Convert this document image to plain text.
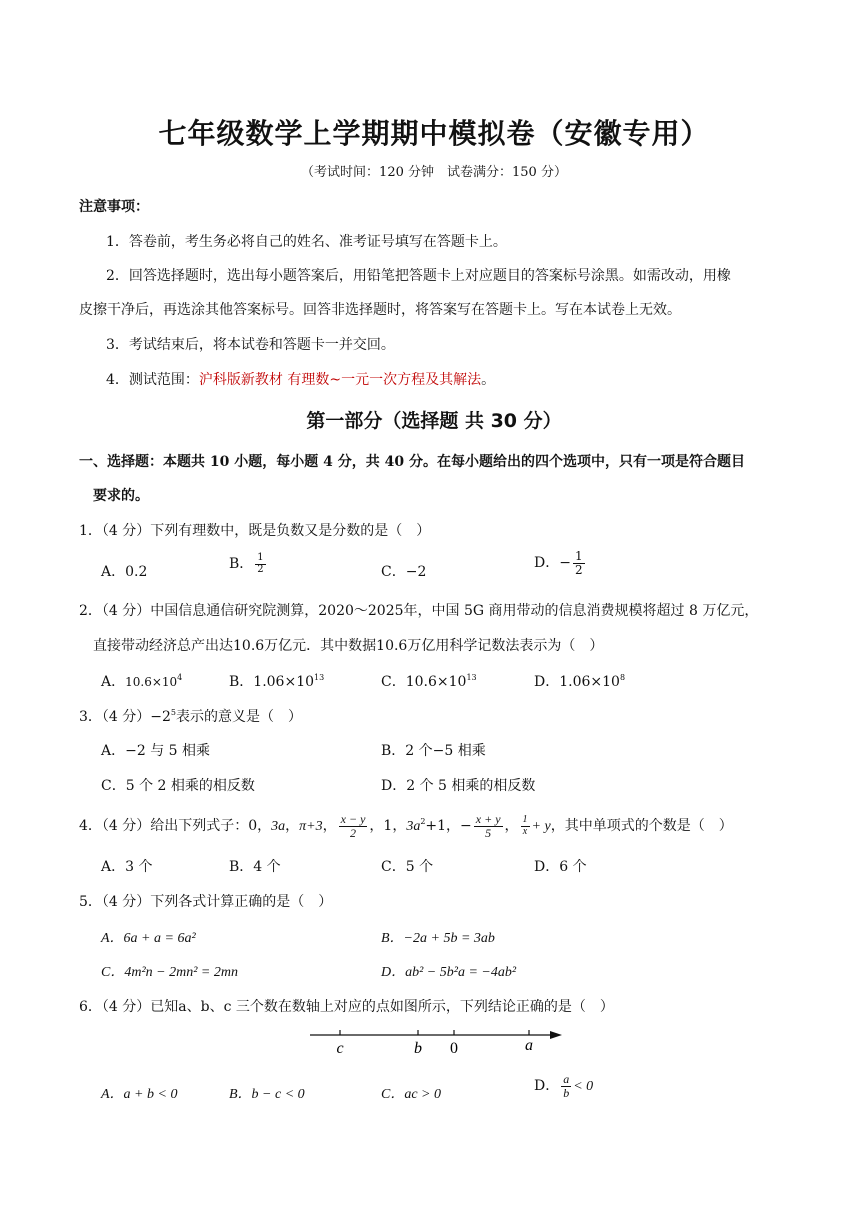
七年级数学上学期期中模拟卷（安徽专用）
（考试时间：120 分钟　试卷满分：150 分）
注意事项：
1．答卷前，考生务必将自己的姓名、准考证号填写在答题卡上。
2．回答选择题时，选出每小题答案后，用铅笔把答题卡上对应题目的答案标号涂黑。如需改动，用橡
皮擦干净后，再选涂其他答案标号。回答非选择题时，将答案写在答题卡上。写在本试卷上无效。
3．考试结束后，将本试卷和答题卡一并交回。
4．测试范围：沪科版新教材 有理数~一元一次方程及其解法。
第一部分（选择题 共 30 分）
一、选择题：本题共 10 小题，每小题 4 分，共 40 分。在每小题给出的四个选项中，只有一项是符合题目
要求的。
1．（4 分）下列有理数中，既是负数又是分数的是（　）
A．0.2	B． $\frac{1}{2}$	C．−2
D．− $\frac{1}{2}$
2．（4 分）中国信息通信研究院测算，2020～2025年，中国 5G 商用带动的信息消费规模将超过 8 万亿元，
直接带动经济总产出达10.6万亿元．其中数据10.6万亿用科学记数法表示为（　）
A．$10.6\times 10^4$	B．$1.06\times 10^{13}$	C．$10.6\times 10^{13}$	D．$1.06\times 10^8$
3．（4 分）$-2^5$表示的意义是（　）
A．−2 与 5 相乘	B．2 个−5 相乘
C．5 个 2 相乘的相反数	D．2 个 5 相乘的相反数
4．（4 分）给出下列式子：0，3a，π+3， $\frac{x - y}{2}$ ，1，$3a^2+1$，− $\frac{x + y}{5}$ ， $\frac{1}{x} + y$，其中单项式的个数是（　）
A．3 个	B．4 个	C．5 个	D．6 个
5．（4 分）下列各式计算正确的是（　）
A．6a + a = 6a²	B．−2a + 5b = 3ab
C．4m²n − 2mn² = 2mn	D．ab² − 5b²a = −4ab²
6．（4 分）已知a、b、c 三个数在数轴上对应的点如图所示，下列结论正确的是（　）
c	b 0	a
A．a + b < 0	B．b − c < 0	C．ac > 0
D． $\frac{a}{b} < 0$
